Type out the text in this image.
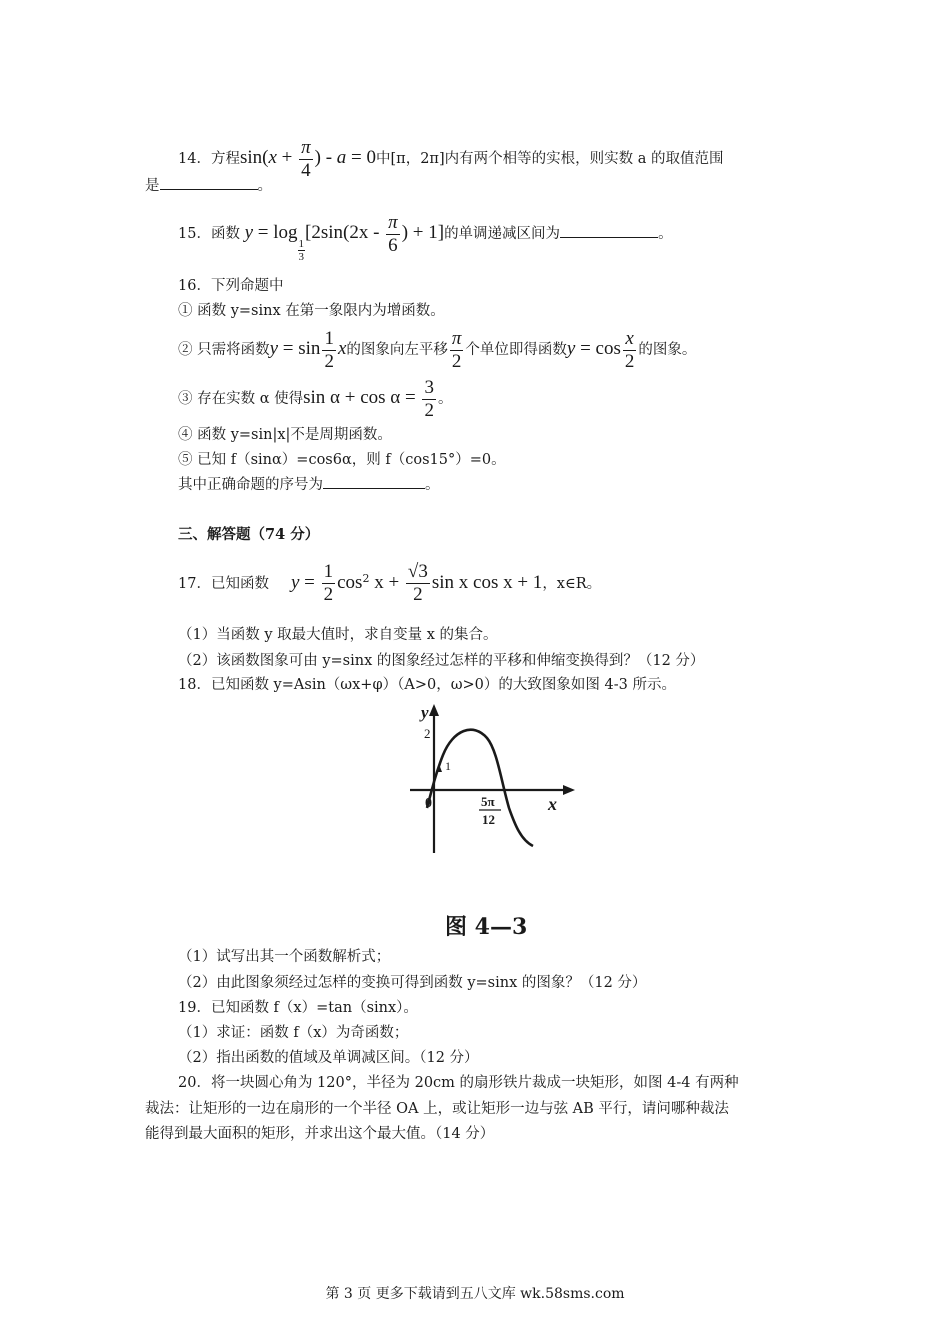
14．方程$\sin(x + \frac{\pi}{4}$ ) - a = 0中[π，2π]内有两个相等的实根，则实数 a 的取值范围
是	。
15．函数 y = log
$\frac{1}{3}$
[$2\sin(2x - \frac{\pi}{6}$ ) + 1]的单调递减区间为	。
16．下列命题中
① 函数 y=sinx 在第一象限内为增函数。
② 只需将函数$y = \sin \frac{1}{2}$ x的图象向左平移 $\frac{\pi}{2}$ 个单位即得函数$y = \cos \frac{x}{2}$ 的图象。
③ 存在实数 α 使得$\sin \alpha + \cos \alpha = \frac{3}{2}$ 。
④ 函数 y=sin|x|不是周期函数。
⑤ 已知 f（sinα）=cos6α，则 f（cos15°）=0。
其中正确命题的序号为	。
三、解答题（74 分）
17．已知函数 $y = \frac{1}{2} \cos^2 x + \frac{√3}{2}$ sin x cos x + 1，x∈R。
（1）当函数 y 取最大值时，求自变量 x 的集合。
（2）该函数图象可由 y=sinx 的图象经过怎样的平移和伸缩变换得到？（12 分）
18．已知函数 y=Asin（ωx+φ）（A>0，ω>0）的大致图象如图 4-3 所示。
y
2
1
0	5π
12
x
图 4—3
（1）试写出其一个函数解析式；
（2）由此图象须经过怎样的变换可得到函数 y=sinx 的图象？（12 分）
19．已知函数 f（x）=tan（sinx）。
（1）求证：函数 f（x）为奇函数；
（2）指出函数的值域及单调减区间。（12 分）
20．将一块圆心角为 120°，半径为 20cm 的扇形铁片裁成一块矩形，如图 4-4 有两种
裁法：让矩形的一边在扇形的一个半径 OA 上，或让矩形一边与弦 AB 平行，请问哪种裁法
能得到最大面积的矩形，并求出这个最大值。（14 分）
第 3 页 更多下载请到五八文库 wk.58sms.com
